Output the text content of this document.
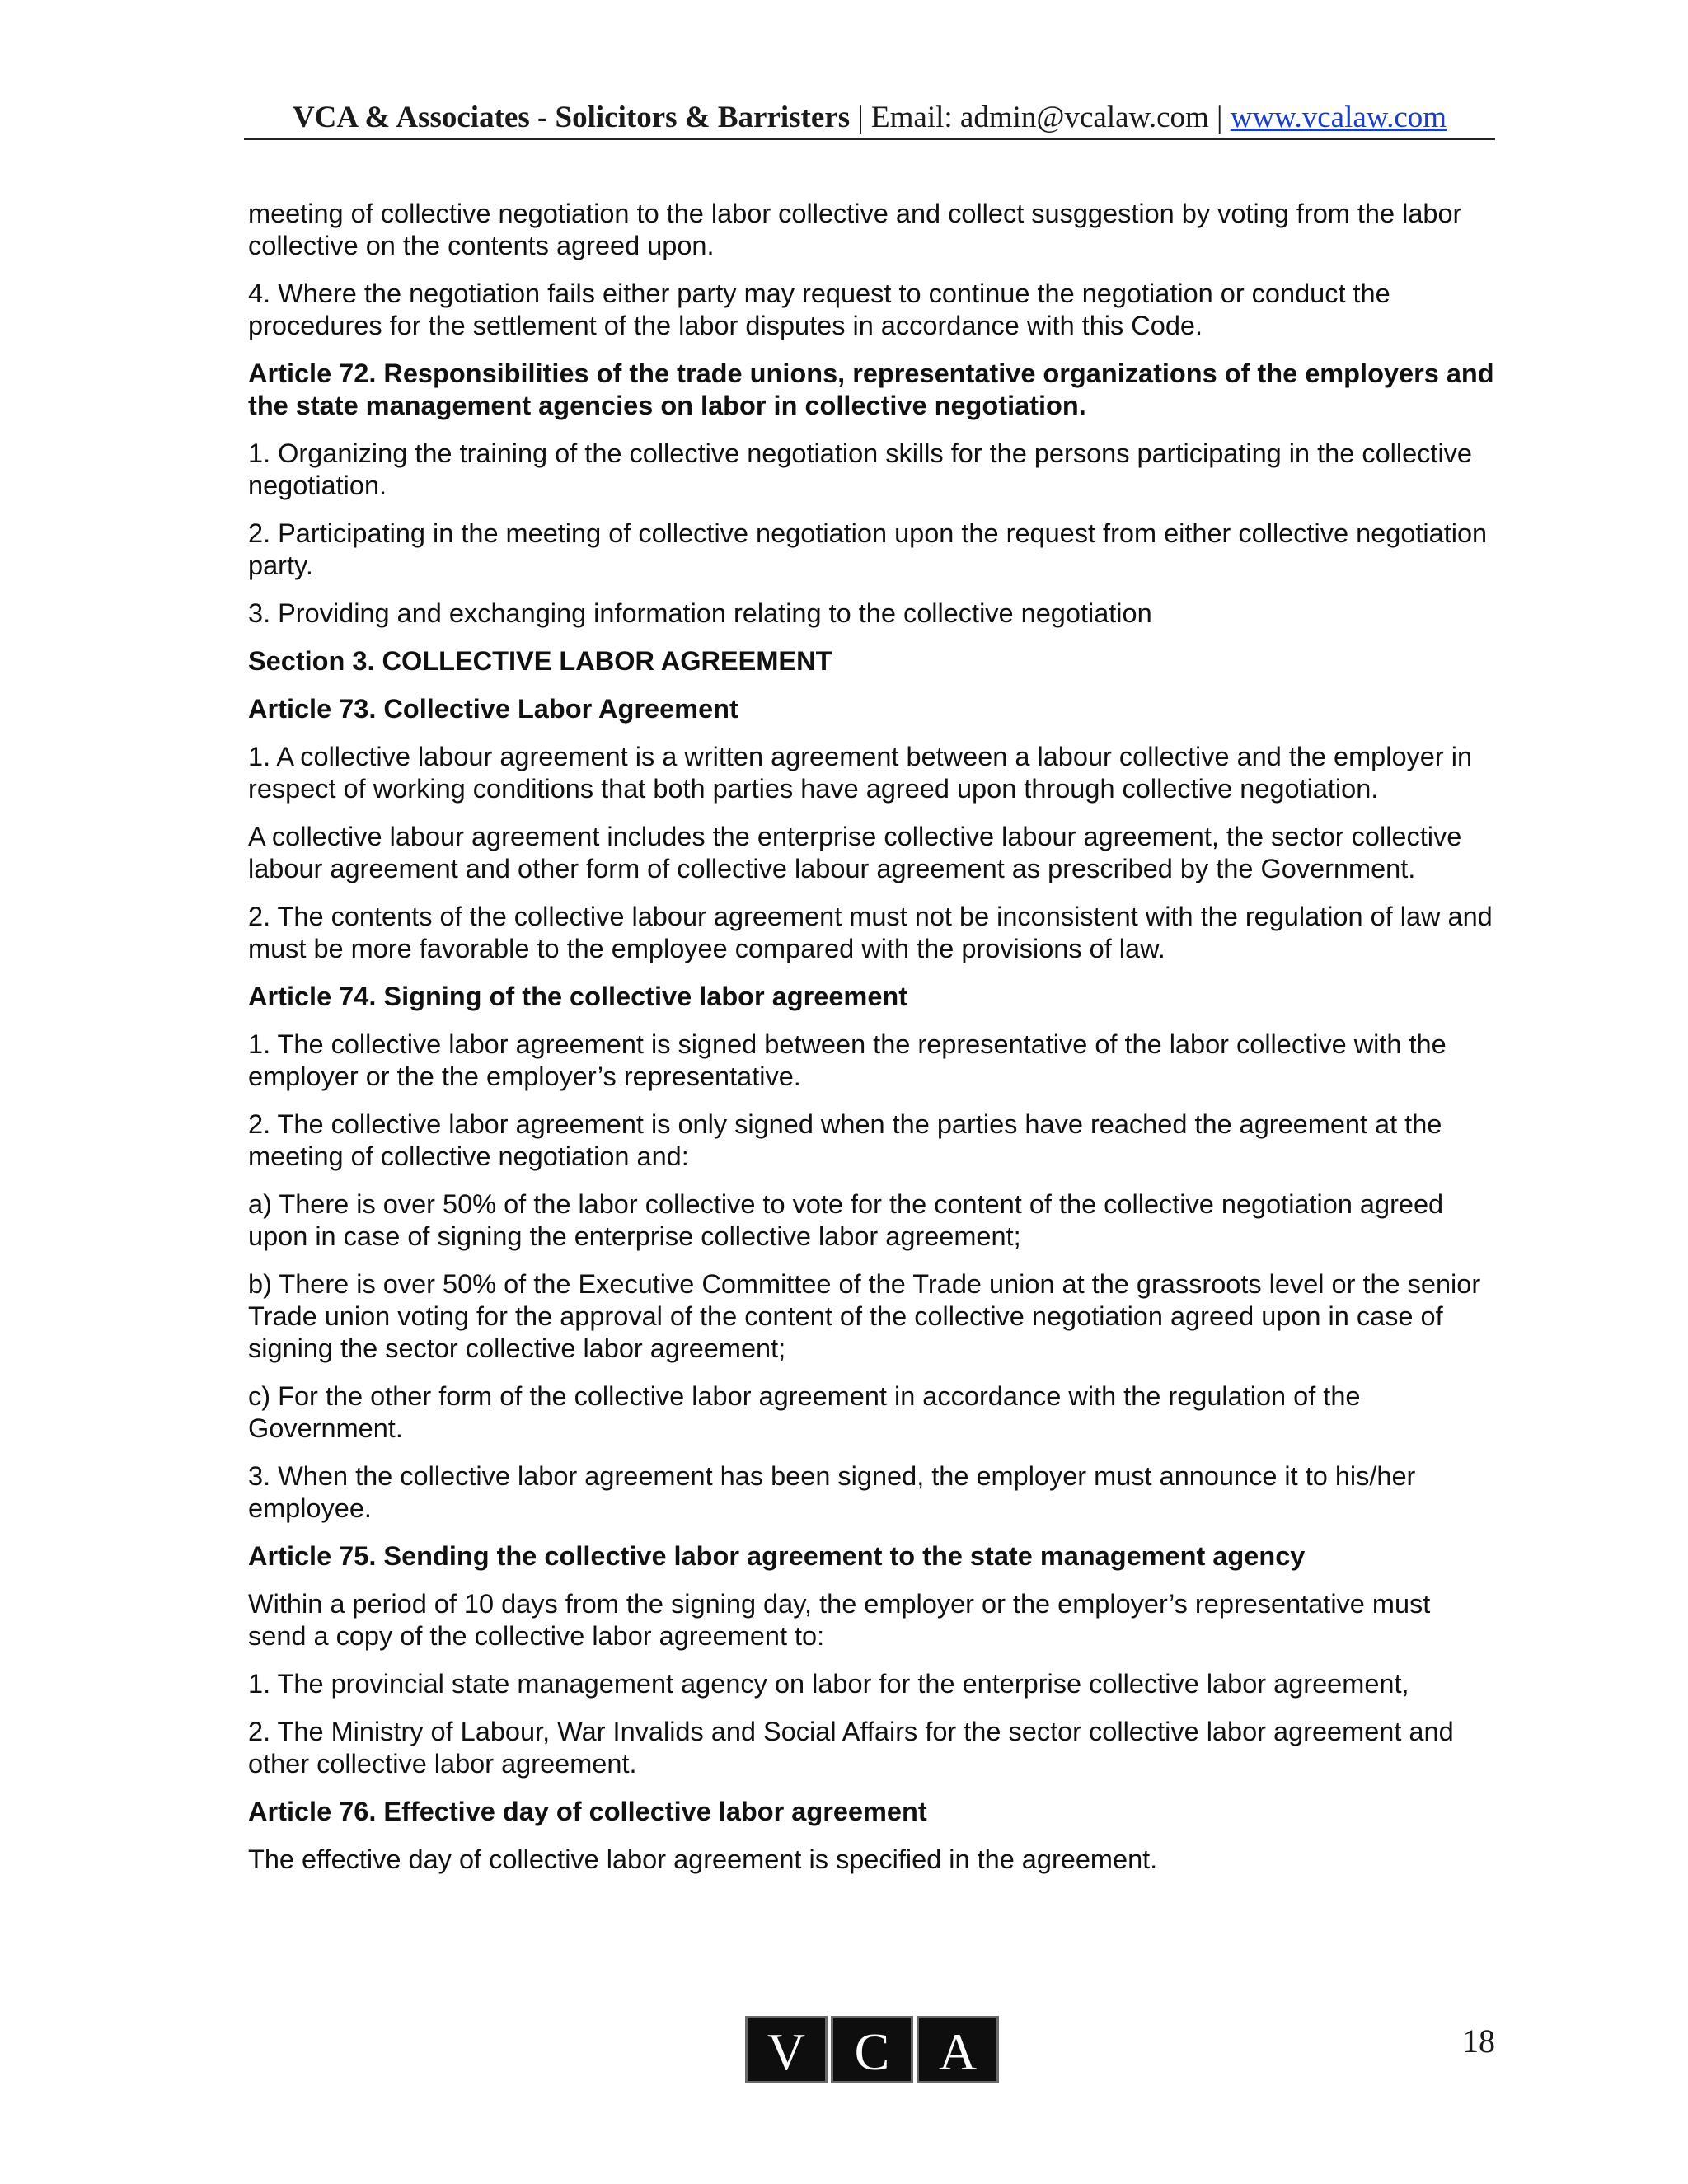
VCA & Associates - Solicitors & Barristers | Email: admin@vcalaw.com | www.vcalaw.com

meeting of collective negotiation to the labor collective and collect susggestion by voting from the labor collective on the contents agreed upon.

4. Where the negotiation fails either party may request to continue the negotiation or conduct the procedures for the settlement of the labor disputes in accordance with this Code.

Article 72. Responsibilities of the trade unions, representative organizations of the employers and the state management agencies on labor in collective negotiation.

1. Organizing the training of the collective negotiation skills for the persons participating in the collective negotiation.

2. Participating in the meeting of collective negotiation upon the request from either collective negotiation party.

3. Providing and exchanging information relating to the collective negotiation

Section 3. COLLECTIVE LABOR AGREEMENT

Article 73. Collective Labor Agreement

1. A collective labour agreement is a written agreement between a labour collective and the employer in respect of working conditions that both parties have agreed upon through collective negotiation.

A collective labour agreement includes the enterprise collective labour agreement, the sector collective labour agreement and other form of collective labour agreement as prescribed by the Government.

2. The contents of the collective labour agreement must not be inconsistent with the regulation of law and must be more favorable to the employee compared with the provisions of law.

Article 74. Signing of the collective labor agreement

1. The collective labor agreement is signed between the representative of the labor collective with the employer or the the employer’s representative.

2. The collective labor agreement is only signed when the parties have reached the agreement at the meeting of collective negotiation and:

a) There is over 50% of the labor collective to vote for the content of the collective negotiation agreed upon in case of signing the enterprise collective labor agreement;

b) There is over 50% of the Executive Committee of the Trade union at the grassroots level or the senior Trade union voting for the approval of the content of the collective negotiation agreed upon in case of signing the sector collective labor agreement;

c) For the other form of the collective labor agreement in accordance with the regulation of the Government.

3. When the collective labor agreement has been signed, the employer must announce it to his/her employee.

Article 75. Sending the collective labor agreement to the state management agency

Within a period of 10 days from the signing day, the employer or the employer’s representative must send a copy of the collective labor agreement to:

1. The provincial state management agency on labor for the enterprise collective labor agreement,

2. The Ministry of Labour, War Invalids and Social Affairs for the sector collective labor agreement and other collective labor agreement.

Article 76. Effective day of collective labor agreement

The effective day of collective labor agreement is specified in the agreement.

V C A	18
